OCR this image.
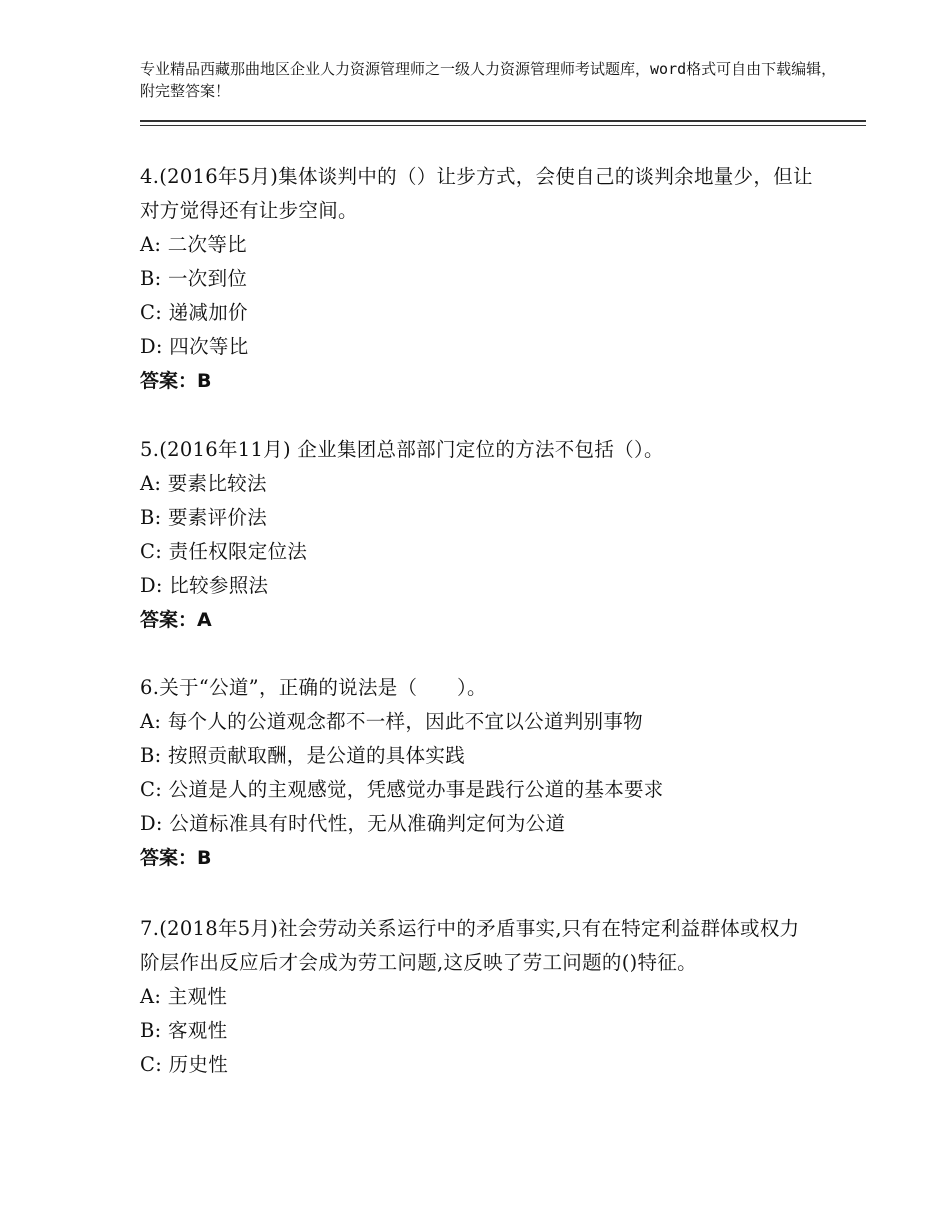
专业精品西藏那曲地区企业人力资源管理师之一级人力资源管理师考试题库，word格式可自由下载编辑，附完整答案！
4.(2016年5月)集体谈判中的（）让步方式，会使自己的谈判余地量少，但让对方觉得还有让步空间。
A: 二次等比
B: 一次到位
C: 递减加价
D: 四次等比
答案：B
5.(2016年11月) 企业集团总部部门定位的方法不包括（）。
A: 要素比较法
B: 要素评价法
C: 责任权限定位法
D: 比较参照法
答案：A
6.关于“公道”，正确的说法是（　　）。
A: 每个人的公道观念都不一样，因此不宜以公道判别事物
B: 按照贡献取酬，是公道的具体实践
C: 公道是人的主观感觉，凭感觉办事是践行公道的基本要求
D: 公道标准具有时代性，无从准确判定何为公道
答案：B
7.(2018年5月)社会劳动关系运行中的矛盾事实,只有在特定利益群体或权力阶层作出反应后才会成为劳工问题,这反映了劳工问题的()特征。
A: 主观性
B: 客观性
C: 历史性
